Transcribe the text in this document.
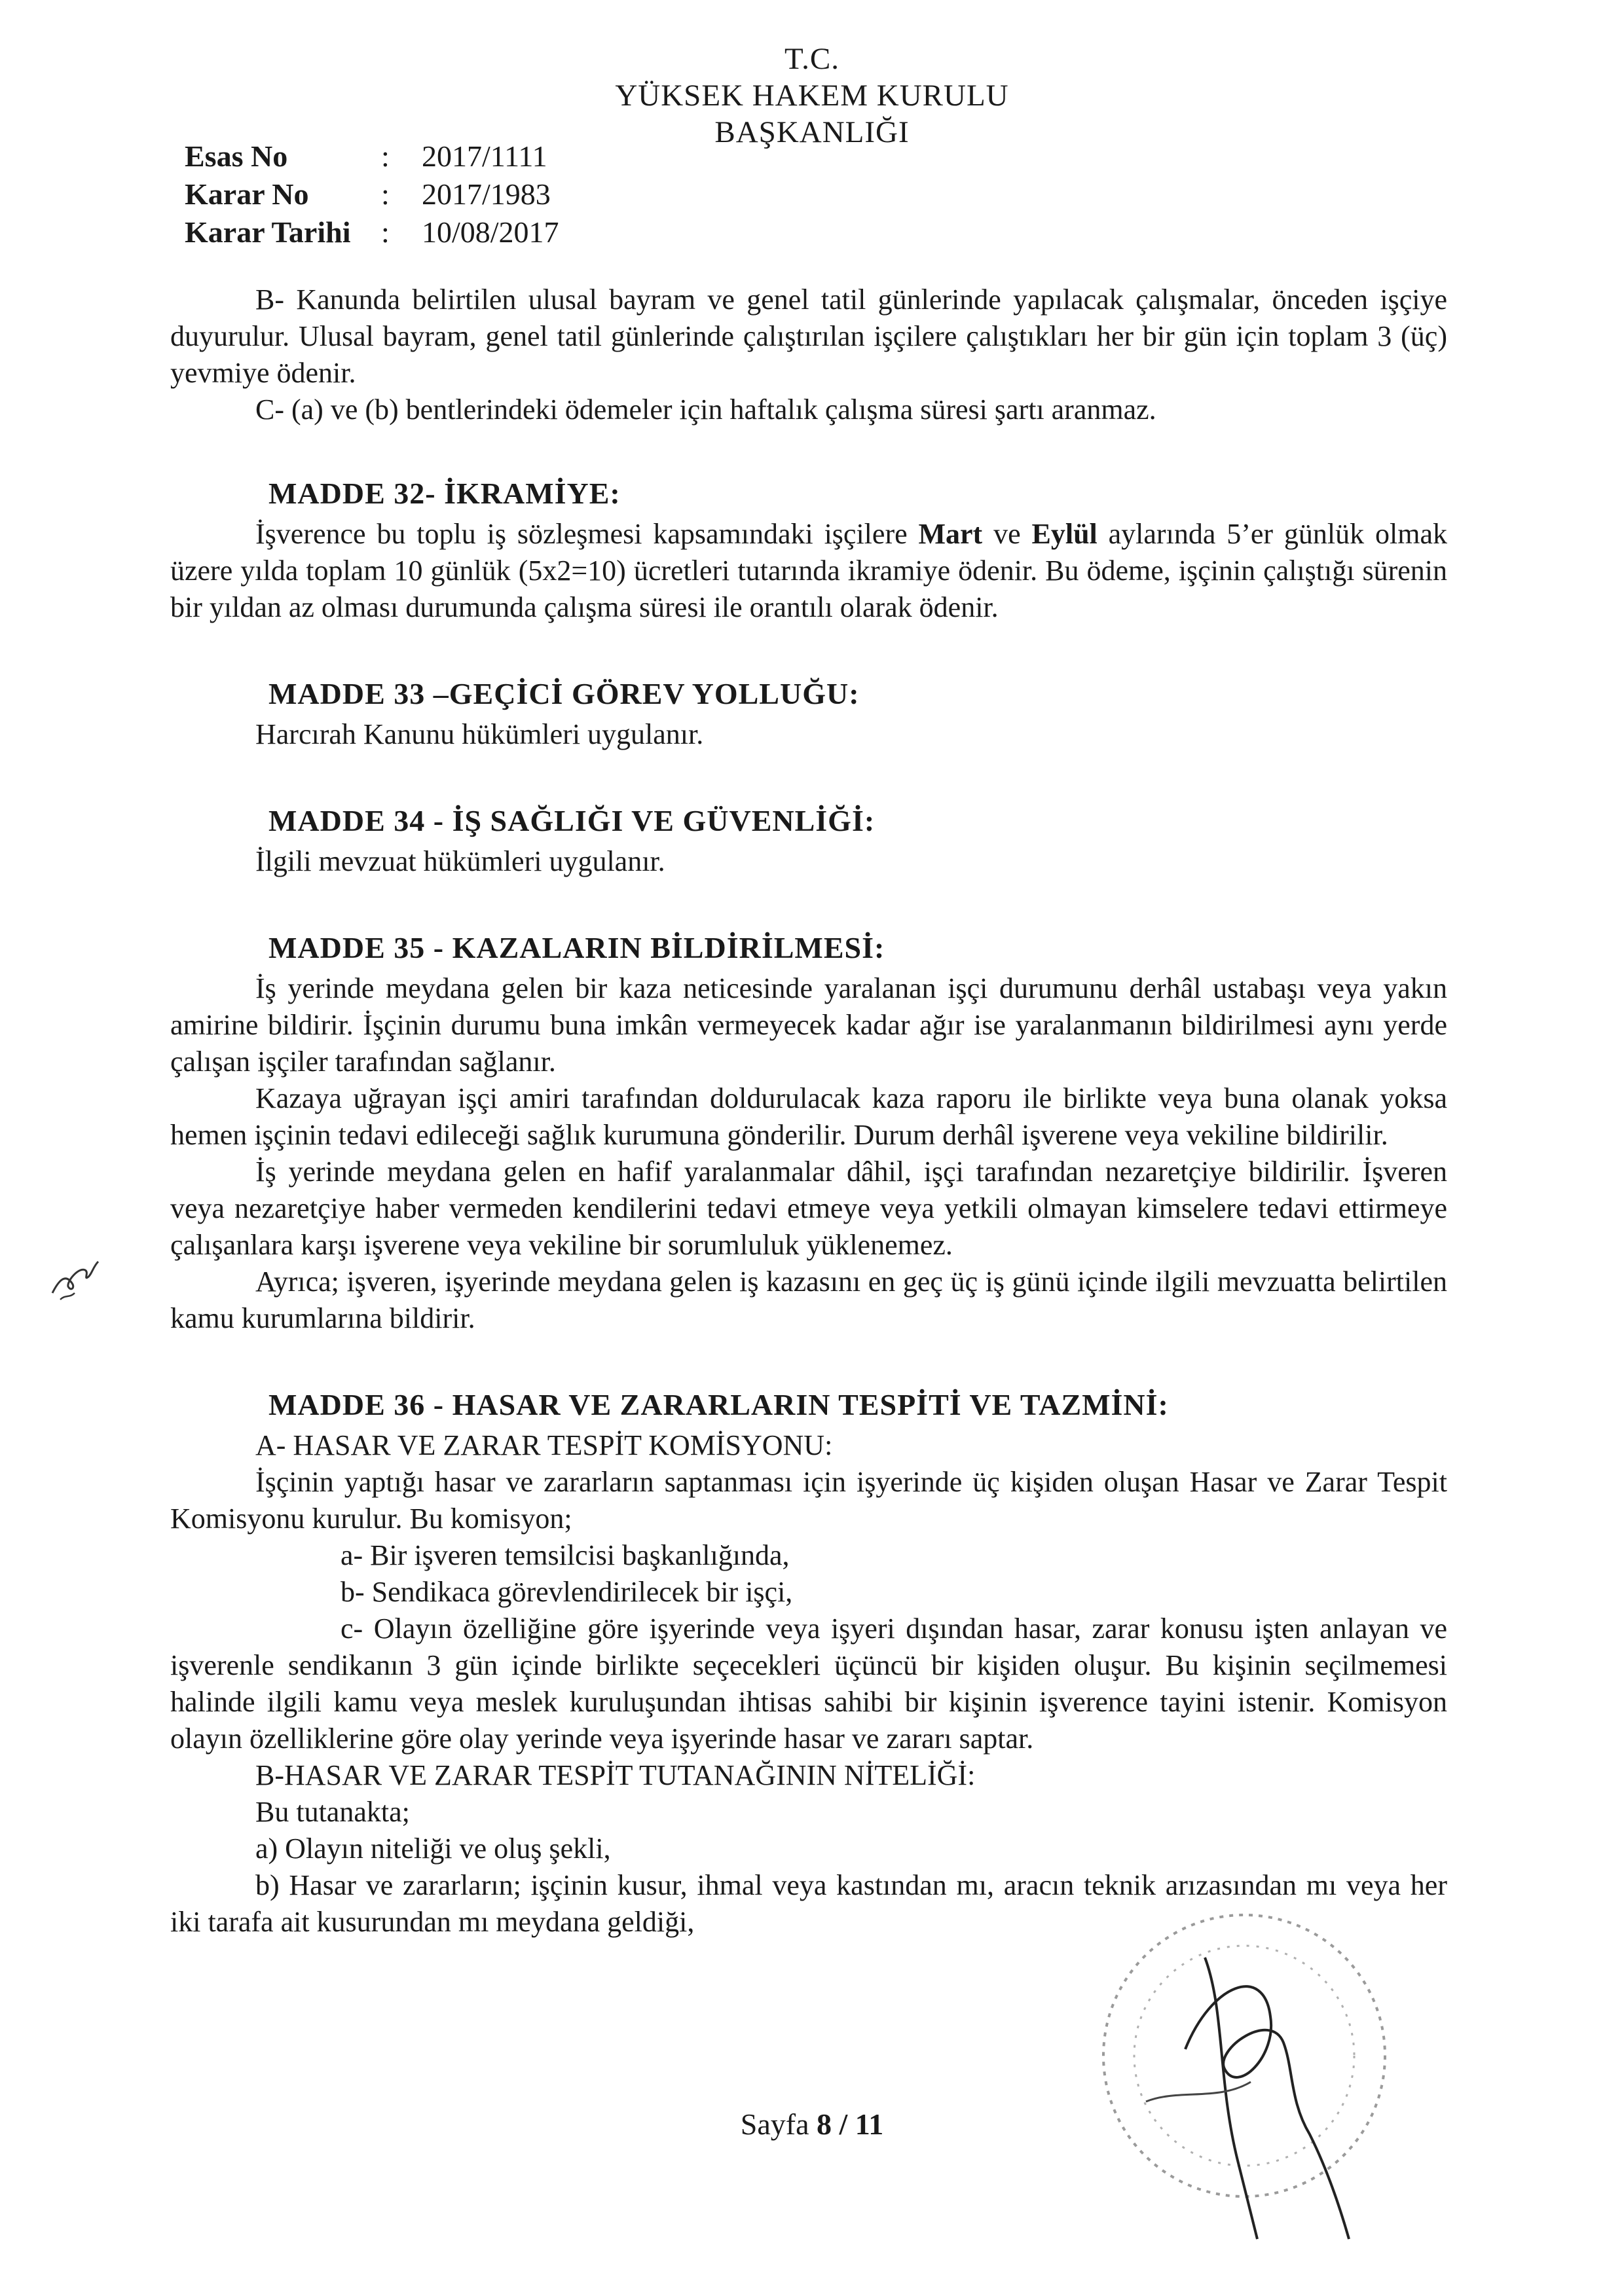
T.C.
YÜKSEK HAKEM KURULU
BAŞKANLIĞI
Esas No	:	2017/1111
Karar No	:	2017/1983
Karar Tarihi	:	10/08/2017

B- Kanunda belirtilen ulusal bayram ve genel tatil günlerinde yapılacak çalışmalar, önceden işçiye duyurulur. Ulusal bayram, genel tatil günlerinde çalıştırılan işçilere çalıştıkları her bir gün için toplam 3 (üç) yevmiye ödenir.

C- (a) ve (b) bentlerindeki ödemeler için haftalık çalışma süresi şartı aranmaz.

MADDE 32- İKRAMİYE:

İşverence bu toplu iş sözleşmesi kapsamındaki işçilere Mart ve Eylül aylarında 5’er günlük olmak üzere yılda toplam 10 günlük (5x2=10) ücretleri tutarında ikramiye ödenir. Bu ödeme, işçinin çalıştığı sürenin bir yıldan az olması durumunda çalışma süresi ile orantılı olarak ödenir.

MADDE 33 –GEÇİCİ GÖREV YOLLUĞU:

Harcırah Kanunu hükümleri uygulanır.

MADDE 34 - İŞ SAĞLIĞI VE GÜVENLİĞİ:

İlgili mevzuat hükümleri uygulanır.

MADDE 35 - KAZALARIN BİLDİRİLMESİ:

İş yerinde meydana gelen bir kaza neticesinde yaralanan işçi durumunu derhâl ustabaşı veya yakın amirine bildirir. İşçinin durumu buna imkân vermeyecek kadar ağır ise yaralanmanın bildirilmesi aynı yerde çalışan işçiler tarafından sağlanır.

Kazaya uğrayan işçi amiri tarafından doldurulacak kaza raporu ile birlikte veya buna olanak yoksa hemen işçinin tedavi edileceği sağlık kurumuna gönderilir. Durum derhâl işverene veya vekiline bildirilir.

İş yerinde meydana gelen en hafif yaralanmalar dâhil, işçi tarafından nezaretçiye bildirilir. İşveren veya nezaretçiye haber vermeden kendilerini tedavi etmeye veya yetkili olmayan kimselere tedavi ettirmeye çalışanlara karşı işverene veya vekiline bir sorumluluk yüklenemez.

Ayrıca; işveren, işyerinde meydana gelen iş kazasını en geç üç iş günü içinde ilgili mevzuatta belirtilen kamu kurumlarına bildirir.

MADDE 36 - HASAR VE ZARARLARIN TESPİTİ VE TAZMİNİ:
A- HASAR VE ZARAR TESPİT KOMİSYONU:

İşçinin yaptığı hasar ve zararların saptanması için işyerinde üç kişiden oluşan Hasar ve Zarar Tespit Komisyonu kurulur. Bu komisyon;

a- Bir işveren temsilcisi başkanlığında,
b- Sendikaca görevlendirilecek bir işçi,

c- Olayın özelliğine göre işyerinde veya işyeri dışından hasar, zarar konusu işten anlayan ve işverenle sendikanın 3 gün içinde birlikte seçecekleri üçüncü bir kişiden oluşur. Bu kişinin seçilmemesi halinde ilgili kamu veya meslek kuruluşundan ihtisas sahibi bir kişinin işverence tayini istenir. Komisyon olayın özelliklerine göre olay yerinde veya işyerinde hasar ve zararı saptar.

B-HASAR VE ZARAR TESPİT TUTANAĞININ NİTELİĞİ:
Bu tutanakta;
a) Olayın niteliği ve oluş şekli,

b) Hasar ve zararların; işçinin kusur, ihmal veya kastından mı, aracın teknik arızasından mı veya her iki tarafa ait kusurundan mı meydana geldiği,

Sayfa 8 / 11
